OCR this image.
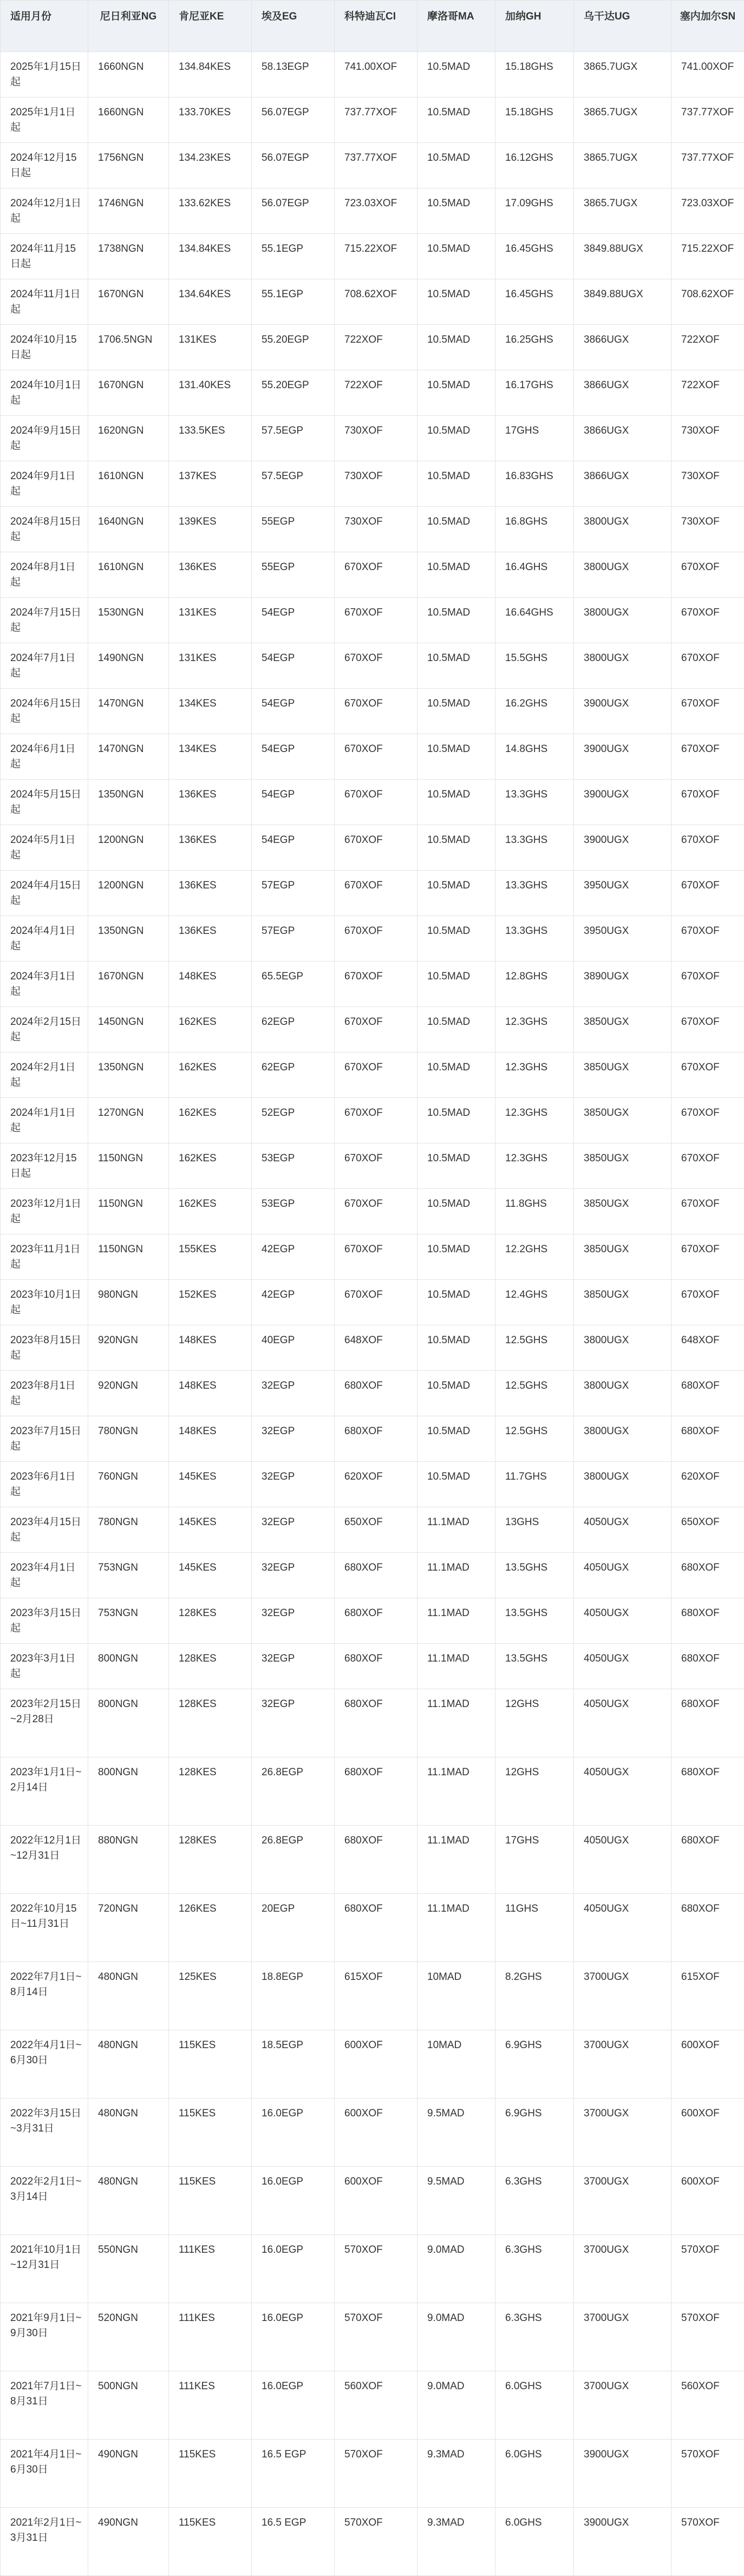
适用月份	尼日利亚NG	肯尼亚KE	埃及EG	科特迪瓦CI	摩洛哥MA	加纳GH	乌干达UG	塞内加尔SN
2025年1月15日起	1660NGN	134.84KES	58.13EGP	741.00XOF	10.5MAD	15.18GHS	3865.7UGX	741.00XOF
2025年1月1日起	1660NGN	133.70KES	56.07EGP	737.77XOF	10.5MAD	15.18GHS	3865.7UGX	737.77XOF
2024年12月15日起	1756NGN	134.23KES	56.07EGP	737.77XOF	10.5MAD	16.12GHS	3865.7UGX	737.77XOF
2024年12月1日起	1746NGN	133.62KES	56.07EGP	723.03XOF	10.5MAD	17.09GHS	3865.7UGX	723.03XOF
2024年11月15日起	1738NGN	134.84KES	55.1EGP	715.22XOF	10.5MAD	16.45GHS	3849.88UGX	715.22XOF
2024年11月1日起	1670NGN	134.64KES	55.1EGP	708.62XOF	10.5MAD	16.45GHS	3849.88UGX	708.62XOF
2024年10月15日起	1706.5NGN	131KES	55.20EGP	722XOF	10.5MAD	16.25GHS	3866UGX	722XOF
2024年10月1日起	1670NGN	131.40KES	55.20EGP	722XOF	10.5MAD	16.17GHS	3866UGX	722XOF
2024年9月15日起	1620NGN	133.5KES	57.5EGP	730XOF	10.5MAD	17GHS	3866UGX	730XOF
2024年9月1日起	1610NGN	137KES	57.5EGP	730XOF	10.5MAD	16.83GHS	3866UGX	730XOF
2024年8月15日起	1640NGN	139KES	55EGP	730XOF	10.5MAD	16.8GHS	3800UGX	730XOF
2024年8月1日起	1610NGN	136KES	55EGP	670XOF	10.5MAD	16.4GHS	3800UGX	670XOF
2024年7月15日起	1530NGN	131KES	54EGP	670XOF	10.5MAD	16.64GHS	3800UGX	670XOF
2024年7月1日起	1490NGN	131KES	54EGP	670XOF	10.5MAD	15.5GHS	3800UGX	670XOF
2024年6月15日起	1470NGN	134KES	54EGP	670XOF	10.5MAD	16.2GHS	3900UGX	670XOF
2024年6月1日起	1470NGN	134KES	54EGP	670XOF	10.5MAD	14.8GHS	3900UGX	670XOF
2024年5月15日起	1350NGN	136KES	54EGP	670XOF	10.5MAD	13.3GHS	3900UGX	670XOF
2024年5月1日起	1200NGN	136KES	54EGP	670XOF	10.5MAD	13.3GHS	3900UGX	670XOF
2024年4月15日起	1200NGN	136KES	57EGP	670XOF	10.5MAD	13.3GHS	3950UGX	670XOF
2024年4月1日起	1350NGN	136KES	57EGP	670XOF	10.5MAD	13.3GHS	3950UGX	670XOF
2024年3月1日起	1670NGN	148KES	65.5EGP	670XOF	10.5MAD	12.8GHS	3890UGX	670XOF
2024年2月15日起	1450NGN	162KES	62EGP	670XOF	10.5MAD	12.3GHS	3850UGX	670XOF
2024年2月1日起	1350NGN	162KES	62EGP	670XOF	10.5MAD	12.3GHS	3850UGX	670XOF
2024年1月1日起	1270NGN	162KES	52EGP	670XOF	10.5MAD	12.3GHS	3850UGX	670XOF
2023年12月15日起	1150NGN	162KES	53EGP	670XOF	10.5MAD	12.3GHS	3850UGX	670XOF
2023年12月1日起	1150NGN	162KES	53EGP	670XOF	10.5MAD	11.8GHS	3850UGX	670XOF
2023年11月1日起	1150NGN	155KES	42EGP	670XOF	10.5MAD	12.2GHS	3850UGX	670XOF
2023年10月1日起	980NGN	152KES	42EGP	670XOF	10.5MAD	12.4GHS	3850UGX	670XOF
2023年8月15日起	920NGN	148KES	40EGP	648XOF	10.5MAD	12.5GHS	3800UGX	648XOF
2023年8月1日起	920NGN	148KES	32EGP	680XOF	10.5MAD	12.5GHS	3800UGX	680XOF
2023年7月15日起	780NGN	148KES	32EGP	680XOF	10.5MAD	12.5GHS	3800UGX	680XOF
2023年6月1日起	760NGN	145KES	32EGP	620XOF	10.5MAD	11.7GHS	3800UGX	620XOF
2023年4月15日起	780NGN	145KES	32EGP	650XOF	11.1MAD	13GHS	4050UGX	650XOF
2023年4月1日起	753NGN	145KES	32EGP	680XOF	11.1MAD	13.5GHS	4050UGX	680XOF
2023年3月15日起	753NGN	128KES	32EGP	680XOF	11.1MAD	13.5GHS	4050UGX	680XOF
2023年3月1日起	800NGN	128KES	32EGP	680XOF	11.1MAD	13.5GHS	4050UGX	680XOF
2023年2月15日~2月28日	800NGN	128KES	32EGP	680XOF	11.1MAD	12GHS	4050UGX	680XOF
2023年1月1日~2月14日	800NGN	128KES	26.8EGP	680XOF	11.1MAD	12GHS	4050UGX	680XOF
2022年12月1日~12月31日	880NGN	128KES	26.8EGP	680XOF	11.1MAD	17GHS	4050UGX	680XOF
2022年10月15日~11月31日	720NGN	126KES	20EGP	680XOF	11.1MAD	11GHS	4050UGX	680XOF
2022年7月1日~8月14日	480NGN	125KES	18.8EGP	615XOF	10MAD	8.2GHS	3700UGX	615XOF
2022年4月1日~6月30日	480NGN	115KES	18.5EGP	600XOF	10MAD	6.9GHS	3700UGX	600XOF
2022年3月15日~3月31日	480NGN	115KES	16.0EGP	600XOF	9.5MAD	6.9GHS	3700UGX	600XOF
2022年2月1日~3月14日	480NGN	115KES	16.0EGP	600XOF	9.5MAD	6.3GHS	3700UGX	600XOF
2021年10月1日~12月31日	550NGN	111KES	16.0EGP	570XOF	9.0MAD	6.3GHS	3700UGX	570XOF
2021年9月1日~ 9月30日	520NGN	111KES	16.0EGP	570XOF	9.0MAD	6.3GHS	3700UGX	570XOF
2021年7月1日~8月31日	500NGN	111KES	16.0EGP	560XOF	9.0MAD	6.0GHS	3700UGX	560XOF
2021年4月1日~6月30日	490NGN	115KES	16.5 EGP	570XOF	9.3MAD	6.0GHS	3900UGX	570XOF
2021年2月1日~3月31日	490NGN	115KES	16.5 EGP	570XOF	9.3MAD	6.0GHS	3900UGX	570XOF
